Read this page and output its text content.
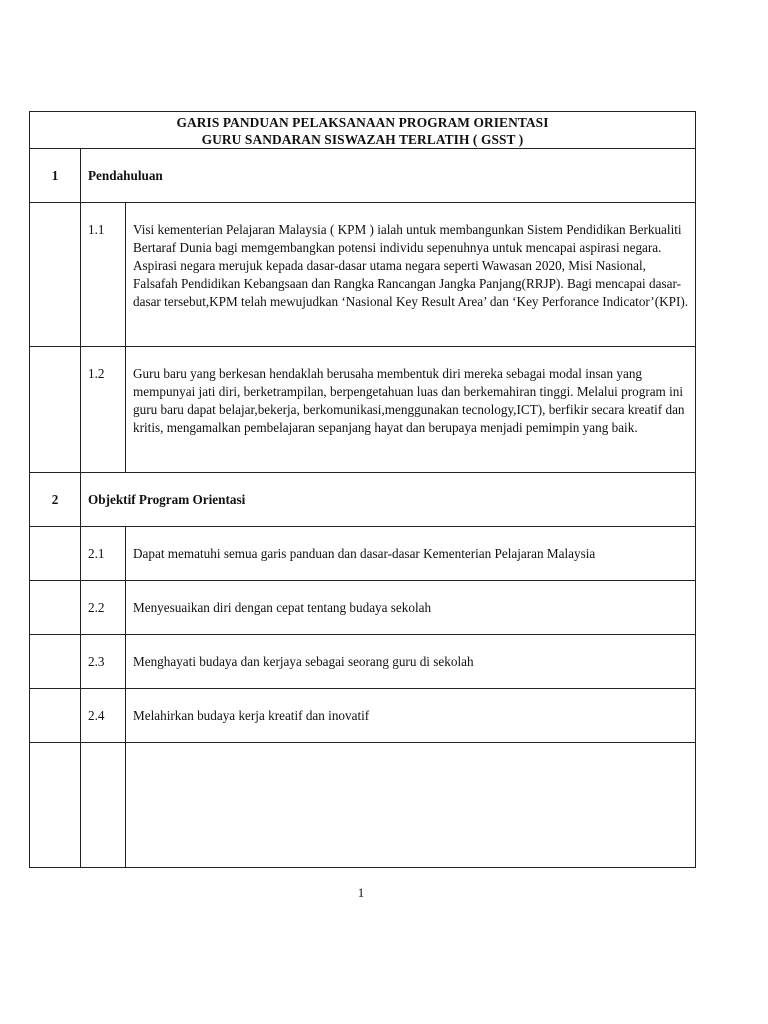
GARIS PANDUAN PELAKSANAAN PROGRAM ORIENTASI
GURU SANDARAN SISWAZAH TERLATIH ( GSST )		

1	Pendahuluan	
	1.1	Visi kementerian Pelajaran Malaysia ( KPM ) ialah untuk membangunkan Sistem Pendidikan Berkualiti Bertaraf Dunia bagi memgembangkan potensi individu sepenuhnya untuk mencapai aspirasi negara. Aspirasi negara merujuk kepada dasar-dasar utama negara seperti Wawasan 2020, Misi Nasional, Falsafah Pendidikan Kebangsaan dan Rangka Rancangan Jangka Panjang(RRJP). Bagi mencapai dasar-dasar tersebut,KPM telah mewujudkan ‘Nasional Key Result Area’ dan ‘Key Perforance Indicator’(KPI).
	1.2	Guru baru yang berkesan hendaklah berusaha membentuk diri mereka sebagai modal insan yang mempunyai jati diri, berketrampilan, berpengetahuan luas dan berkemahiran tinggi. Melalui program ini guru baru dapat belajar,bekerja, berkomunikasi,menggunakan tecnology,ICT), berfikir secara kreatif dan kritis, mengamalkan pembelajaran sepanjang hayat dan berupaya menjadi pemimpin yang baik.
2	Objektif Program Orientasi	
	2.1	Dapat mematuhi semua garis panduan dan dasar-dasar Kementerian Pelajaran Malaysia
	2.2	Menyesuaikan diri dengan cepat tentang budaya sekolah
	2.3	Menghayati budaya dan kerjaya sebagai seorang guru di sekolah
	2.4	Melahirkan budaya kerja kreatif dan inovatif

1
